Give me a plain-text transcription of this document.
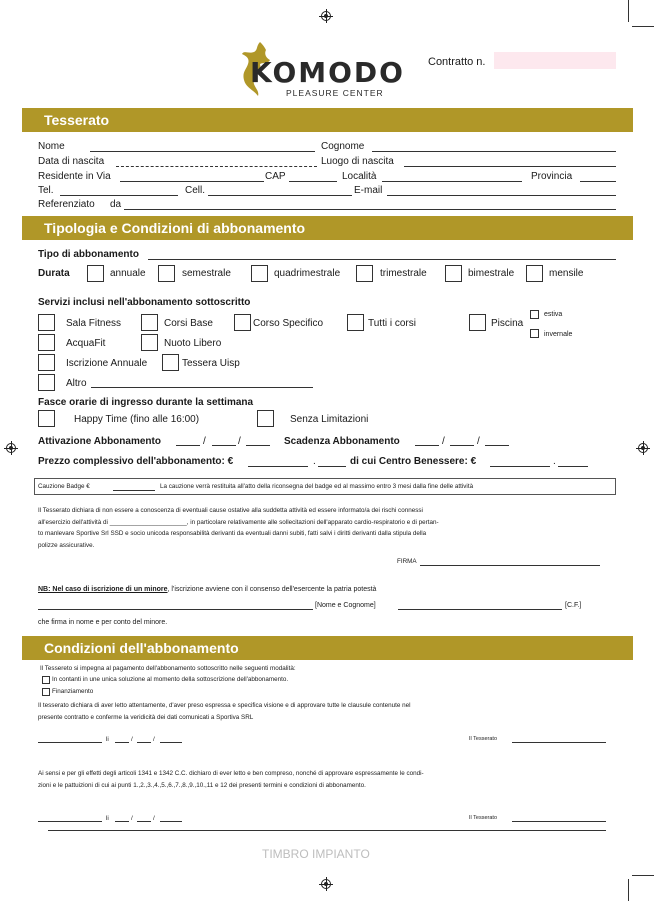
KOMODO
PLEASURE CENTER
Contratto n.
Tesserato
Nome	Cognome
Data di nascita	Luogo di nascita
Residente in Via	CAP	Località	Provincia
Tel.	Cell.	E-mail
Referenziato da
Tipologia e Condizioni di abbonamento
Tipo di abbonamento
Durata	annuale	semestrale	quadrimestrale	trimestrale	bimestrale	mensile
Servizi inclusi nell'abbonamento sottoscritto
Sala Fitness	Corsi Base	Corso Specifico	Tutti i corsi	Piscina
estiva
invernale
AcquaFit	Nuoto Libero
Iscrizione Annuale	Tessera Uisp
Altro
Fasce orarie di ingresso durante la settimana
Happy Time (fino alle 16:00)	Senza Limitazioni
Attivazione Abbonamento	/	/	Scadenza Abbonamento	/	/
Prezzo complessivo dell'abbonamento: €	.	di cui Centro Benessere: €	.
Cauzione Badge €	La cauzione verrà restituita all'atto della riconsegna del badge ed al massimo entro 3 mesi dalla fine delle attività
Il Tesserato dichiara di non essere a conoscenza di eventuali cause ostative alla suddetta attività ed essere informato/a dei rischi connessi
all'esercizio dell'attività di ______________________, in particolare relativamente alle sollecitazioni dell'apparato cardio-respiratorio e di pertan-
to manlevare Sportive Srl SSD e socio unicoda responsabilità derivanti da eventuali danni subiti, fatti salvi i diritti derivanti dalla stipula della
polizze assicurative.
FIRMA
NB: Nel caso di iscrizione di un minore, l'iscrizione avviene con il consenso dell'esercente la patria potestà
[Nome e Cognome]	[C.F.]
che firma in nome e per conto del minore.
Condizioni dell'abbonamento
Il Tessereto si impegna al pagamento dell'abbonamento sottoscritto nelle seguenti modalità:
In contanti in une unica soluzione al momento della sottoscrizione dell'abbonamento.
Finanziamento
Il tesserato dichiara di aver letto attentamente, d'aver preso espressa e specifica visione e di approvare tutte le clausule contenute nel
presente contratto e conferme la veridicità dei dati comunicati a Sportiva SRL
li	/	/	Il Tesserato
Ai sensi e per gli effetti degli articoli 1341 e 1342 C.C. dichiaro di ever letto e ben compreso, nonché di approvare espressamente le condi-
zioni e le pattuizioni di cui ai punti 1.,2.,3.,4.,5.,6.,7.,8.,9.,10.,11 e 12 dei presenti termini e condizioni di abbonamento.
li	/	/	Il Tesserato
TIMBRO IMPIANTO
